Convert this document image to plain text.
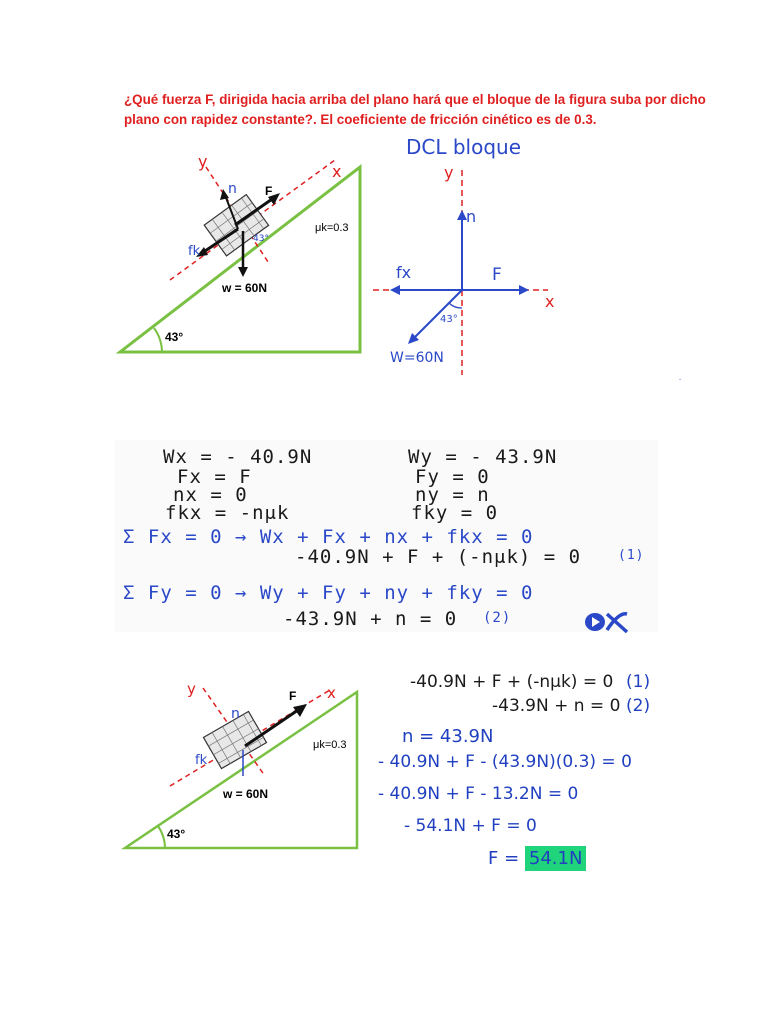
¿Qué fuerza F, dirigida hacia arriba del plano hará que el bloque de la figura suba por dicho
plano con rapidez constante?. El coeficiente de fricción cinético es de 0.3.
43°
x
y
F
n
fk
w = 60N
43°
μk=0.3
DCL bloque
y
x
n
fx	F
W=60N
43°
Wx = - 40.9N
Fx = F
nx = 0
fkx = -nμk
Wy = - 43.9N
Fy = 0
ny = n
fky = 0
Σ Fx = 0 → Wx + Fx + nx + fkx = 0
-40.9N + F + (-nμk) = 0	(1)
Σ Fy = 0 → Wy + Fy + ny + fky = 0
-43.9N + n = 0 (2)
43°
x
y	F
n
fk
w = 60N
μk=0.3
-40.9N + F + (-nμk) = 0 (1)
-43.9N + n = 0 (2)
n = 43.9N
- 40.9N + F - (43.9N)(0.3) = 0
- 40.9N + F - 13.2N = 0
- 54.1N + F = 0
F = 54.1N
